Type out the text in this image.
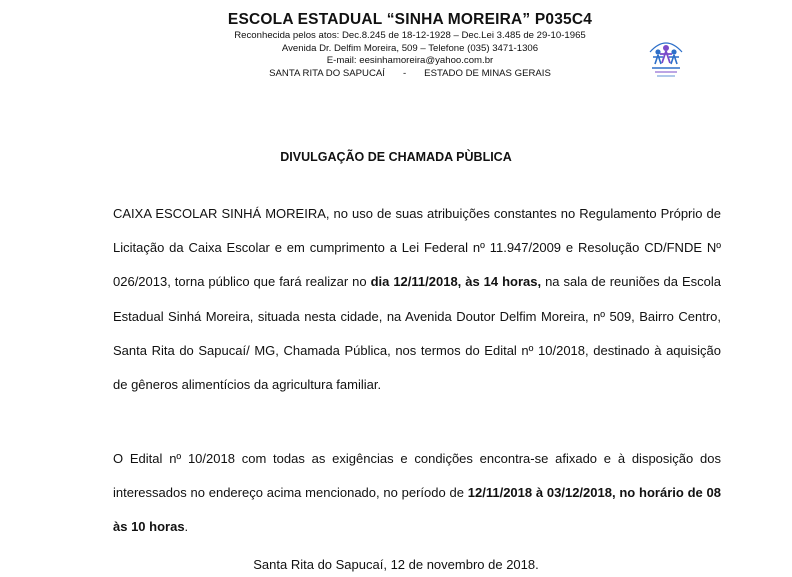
ESCOLA ESTADUAL “SINHA MOREIRA” P035C4

Reconhecida pelos atos: Dec.8.245 de 18-12-1928 – Dec.Lei 3.485 de 29-10-1965

Avenida Dr. Delfim Moreira, 509 – Telefone (035) 3471-1306

E-mail: eesinhamoreira@yahoo.com.br

SANTA RITA DO SAPUCAÍ - ESTADO DE MINAS GERAIS

DIVULGAÇÃO DE CHAMADA PÙBLICA

CAIXA ESCOLAR SINHÁ MOREIRA, no uso de suas atribuições constantes no Regulamento Próprio de Licitação da Caixa Escolar e em cumprimento a Lei Federal nº 11.947/2009 e Resolução CD/FNDE Nº 026/2013, torna público que fará realizar no dia 12/11/2018, às 14 horas, na sala de reuniões da Escola Estadual Sinhá Moreira, situada nesta cidade, na Avenida Doutor Delfim Moreira, nº 509, Bairro Centro, Santa Rita do Sapucaí/ MG, Chamada Pública, nos termos do Edital nº 10/2018, destinado à aquisição de gêneros alimentícios da agricultura familiar.

O Edital nº 10/2018 com todas as exigências e condições encontra-se afixado e à disposição dos interessados no endereço acima mencionado, no período de 12/11/2018 à 03/12/2018, no horário de 08 às 10 horas.

Santa Rita do Sapucaí, 12 de novembro de 2018.
